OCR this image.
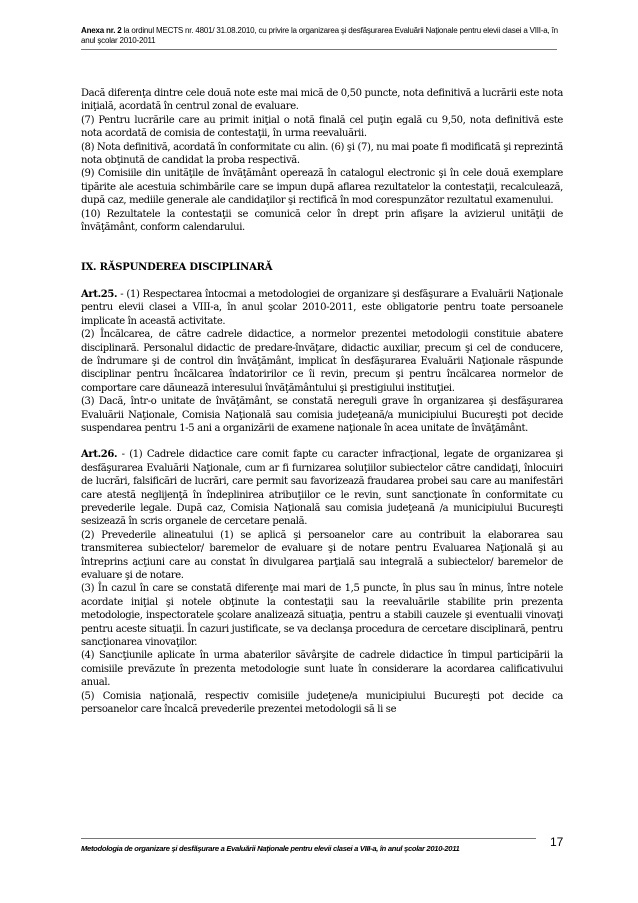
Anexa nr. 2 la ordinul MECTS nr. 4801/ 31.08.2010, cu privire la organizarea şi desfăşurarea Evaluării Naţionale pentru elevii clasei a VIII-a, în anul şcolar 2010-2011

Dacă diferenţa dintre cele două note este mai mică de 0,50 puncte, nota definitivă a lucrării este nota iniţială, acordată în centrul zonal de evaluare.

(7) Pentru lucrările care au primit iniţial o notă finală cel puţin egală cu 9,50, nota definitivă este nota acordată de comisia de contestaţii, în urma reevaluării.

(8) Nota definitivă, acordată în conformitate cu alin. (6) şi (7), nu mai poate fi modificată şi reprezintă nota obţinută de candidat la proba respectivă.

(9) Comisiile din unităţile de învăţământ operează în catalogul electronic şi în cele două exemplare tipărite ale acestuia schimbările care se impun după aflarea rezultatelor la contestaţii, recalculează, după caz, mediile generale ale candidaţilor şi rectifică în mod corespunzător rezultatul examenului.

(10) Rezultatele la contestaţii se comunică celor în drept prin afişare la avizierul unităţii de învăţământ, conform calendarului.

IX. RĂSPUNDEREA DISCIPLINARĂ

Art.25. - (1) Respectarea întocmai a metodologiei de organizare şi desfăşurare a Evaluării Naţionale pentru elevii clasei a VIII-a, în anul şcolar 2010-2011, este obligatorie pentru toate persoanele implicate în această activitate.

(2) Încălcarea, de către cadrele didactice, a normelor prezentei metodologii constituie abatere disciplinară. Personalul didactic de predare-învăţare, didactic auxiliar, precum şi cel de conducere, de îndrumare şi de control din învăţământ, implicat în desfăşurarea Evaluării Naţionale răspunde disciplinar pentru încălcarea îndatoririlor ce îi revin, precum şi pentru încălcarea normelor de comportare care dăunează interesului învăţământului şi prestigiului instituţiei.

(3) Dacă, într-o unitate de învăţământ, se constată nereguli grave în organizarea şi desfăşurarea Evaluării Naţionale, Comisia Naţională sau comisia judeţeană/a municipiului Bucureşti pot decide suspendarea pentru 1-5 ani a organizării de examene naţionale în acea unitate de învăţământ.

Art.26. - (1) Cadrele didactice care comit fapte cu caracter infracţional, legate de organizarea şi desfăşurarea Evaluării Naţionale, cum ar fi furnizarea soluţiilor subiectelor către candidaţi, înlocuiri de lucrări, falsificări de lucrări, care permit sau favorizează fraudarea probei sau care au manifestări care atestă neglijenţă în îndeplinirea atribuţiilor ce le revin, sunt sancţionate în conformitate cu prevederile legale. După caz, Comisia Naţională sau comisia judeţeană /a municipiului Bucureşti sesizează în scris organele de cercetare penală.

(2) Prevederile alineatului (1) se aplică şi persoanelor care au contribuit la elaborarea sau transmiterea subiectelor/ baremelor de evaluare şi de notare pentru Evaluarea Naţională şi au întreprins acţiuni care au constat în divulgarea parţială sau integrală a subiectelor/ baremelor de evaluare şi de notare.

(3) În cazul în care se constată diferenţe mai mari de 1,5 puncte, în plus sau în minus, între notele acordate iniţial şi notele obţinute la contestaţii sau la reevaluările stabilite prin prezenta metodologie, inspectoratele şcolare analizează situaţia, pentru a stabili cauzele şi eventualii vinovaţi pentru aceste situaţii. În cazuri justificate, se va declanşa procedura de cercetare disciplinară, pentru sancţionarea vinovaţilor.

(4) Sancţiunile aplicate în urma abaterilor săvârşite de cadrele didactice în timpul participării la comisiile prevăzute în prezenta metodologie sunt luate în considerare la acordarea calificativului anual.

(5) Comisia naţională, respectiv comisiile judeţene/a municipiului Bucureşti pot decide ca persoanelor care încalcă prevederile prezentei metodologii să li se

Metodologia de organizare şi desfăşurare a Evaluării Naţionale pentru elevii clasei a VIII-a, în anul şcolar 2010-2011	17
